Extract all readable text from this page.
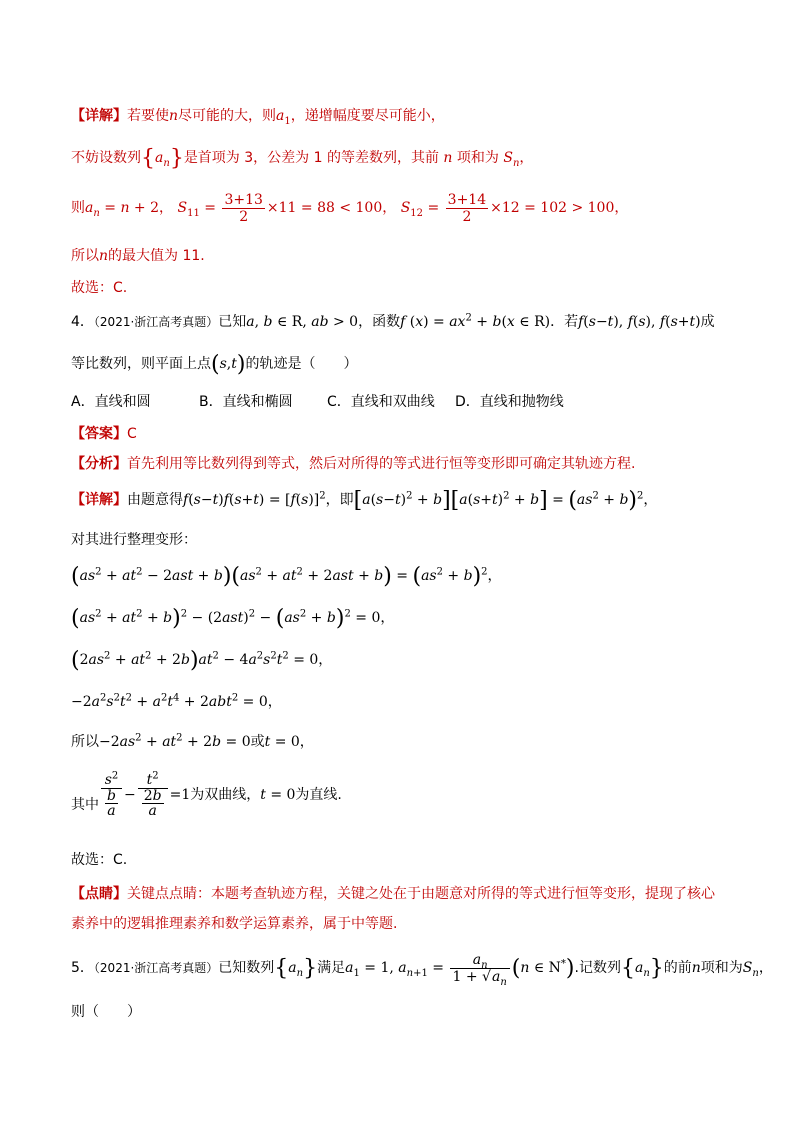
【详解】若要使n尽可能的大，则$a_1$，递增幅度要尽可能小，
不妨设数列$\{a_n\}$是首项为 3，公差为 1 的等差数列，其前 n 项和为 $S_n$，
则$a_n = n + 2$， $S_{11} = \frac{3+13}{2} \times 11 = 88 < 100$， $S_{12} = \frac{3+14}{2} \times 12 = 102 > 100$，
所以n的最大值为 11.
故选：C.
4．（2021·浙江高考真题）已知a, b ∈ R, ab > 0，函数f $(x) = ax^2 + b(x$ ∈ R)．若f(s−t), f(s), f(s+t)成
等比数列，则平面上点(s,t)的轨迹是（　　）
A．直线和圆	B．直线和椭圆 C．直线和双曲线 D．直线和抛物线
【答案】C
【分析】首先利用等比数列得到等式，然后对所得的等式进行恒等变形即可确定其轨迹方程.
【详解】由题意得$f(s-t)f(s+t) = [f(s)]^2$，即$[a(s-t)^2 + b][a(s+t)^2 + b] = (as^2 + b)^2$，
对其进行整理变形：
$(as^2 + at^2 - 2ast + b)(as^2 + at^2 + 2ast + b) = (as^2 + b)^2$，
$(as^2 + at^2 + b)^2 - (2ast)^2 - (as^2 + b)^2 = 0$，
$(2as^2 + at^2 + 2b)at^2 - 4a^2s^2t^2 = 0$，
$-2a^2s^2t^2 + a^2t^4 + 2abt^2 = 0$，
所以$-2as^2 + at^2 + 2b = 0$或t = 0，
其中 $\frac{s^2}{\frac{b}{a}} - \frac{t^2}{\frac{2b}{a}} =1$为双曲线，t = 0为直线.
故选：C.
【点睛】关键点点睛：本题考查轨迹方程，关键之处在于由题意对所得的等式进行恒等变形，提现了核心
素养中的逻辑推理素养和数学运算素养，属于中等题.
5．（2021·浙江高考真题）已知数列$\{a_n\}$满足$a_1 = 1$, $a_{n+1} = \frac{a_n}{1 + √a_n} (n$ ∈ N*).记数列$\{a_n\}$的前n项和为$S_n$，
则（　　）
